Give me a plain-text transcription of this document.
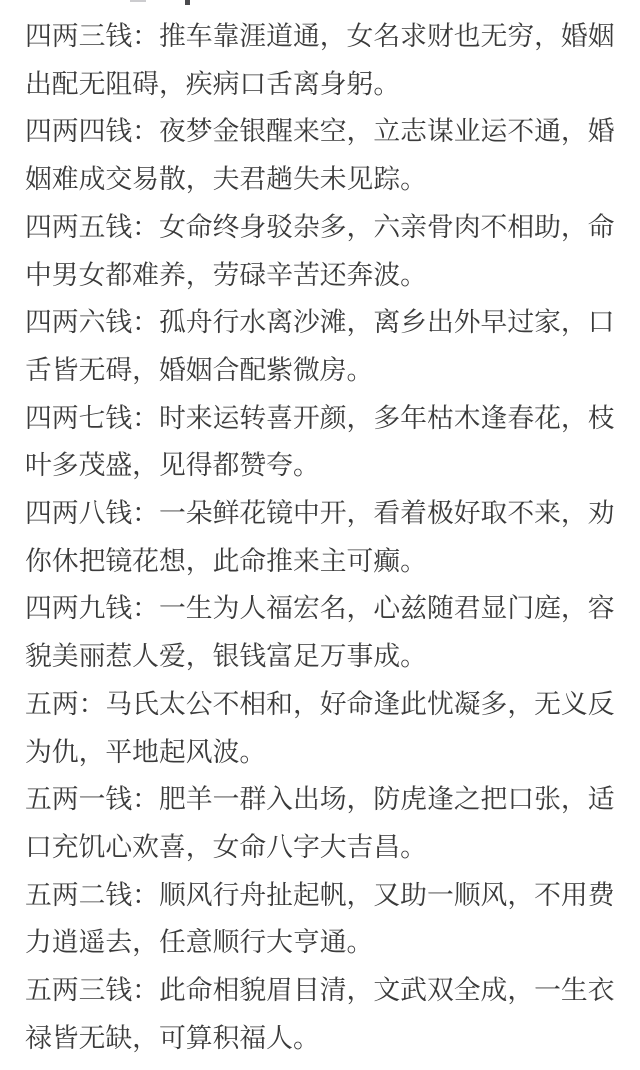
四两三钱：推车靠涯道通，女名求财也无穷，婚姻
出配无阻碍，疾病口舌离身躬。

四两四钱：夜梦金银醒来空，立志谋业运不通，婚
姻难成交易散，夫君趟失未见踪。

四两五钱：女命终身驳杂多，六亲骨肉不相助，命
中男女都难养，劳碌辛苦还奔波。

四两六钱：孤舟行水离沙滩，离乡出外早过家，口
舌皆无碍，婚姻合配紫微房。

四两七钱：时来运转喜开颜，多年枯木逢春花，枝
叶多茂盛，见得都赞夸。

四两八钱：一朵鲜花镜中开，看着极好取不来，劝
你休把镜花想，此命推来主可癫。

四两九钱：一生为人福宏名，心兹随君显门庭，容
貌美丽惹人爱，银钱富足万事成。

五两：马氏太公不相和，好命逢此忧凝多，无义反
为仇，平地起风波。

五两一钱：肥羊一群入出场，防虎逢之把口张，适
口充饥心欢喜，女命八字大吉昌。

五两二钱：顺风行舟扯起帆，又助一顺风，不用费
力逍遥去，任意顺行大亨通。

五两三钱：此命相貌眉目清，文武双全成，一生衣
禄皆无缺，可算积福人。
